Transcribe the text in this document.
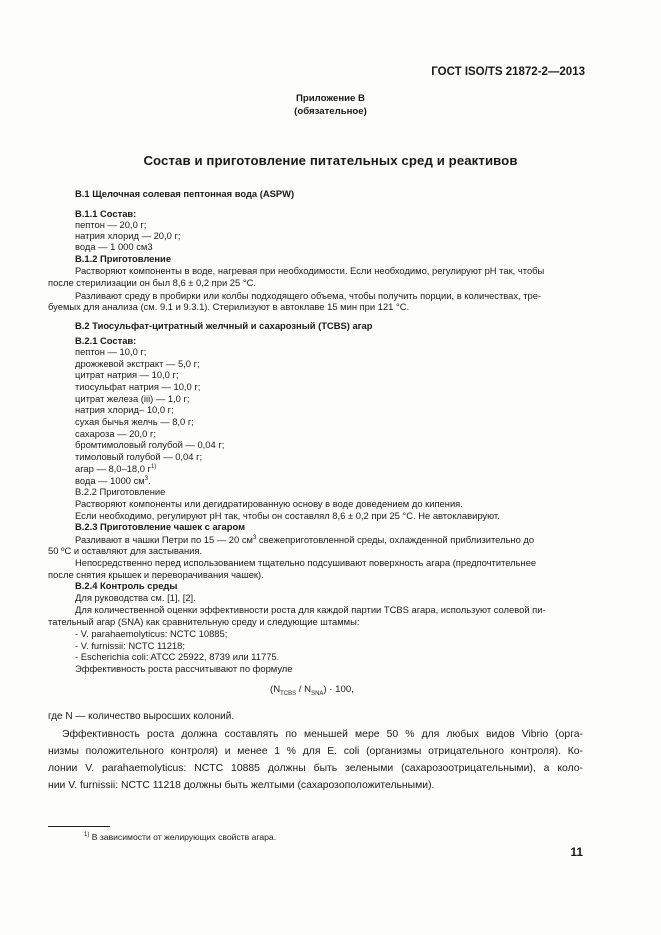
ГОСТ ISO/TS 21872-2—2013
Приложение В
(обязательное)
Состав и приготовление питательных сред и реактивов
В.1 Щелочная солевая пептонная вода (ASPW)
В.1.1 Состав:
пептон — 20,0 г;
натрия хлорид — 20,0 г;
вода — 1 000 см3
В.1.2 Приготовление
Растворяют компоненты в воде, нагревая при необходимости. Если необходимо, регулируют pH так, чтобы
после стерилизации он был 8,6 ± 0,2 при 25 °С.
Разливают среду в пробирки или колбы подходящего объема, чтобы получить порции, в количествах, тре-
буемых для анализа (см. 9.1 и 9.3.1). Стерилизуют в автоклаве 15 мин при 121 °С.
В.2 Тиосульфат-цитратный желчный и сахарозный (TCBS) агар
В.2.1 Состав:
пептон — 10,0 г;
дрожжевой экстракт — 5,0 г;
цитрат натрия — 10,0 г;
тиосульфат натрия — 10,0 г;
цитрат железа (iii) — 1,0 г;
натрия хлорид– 10,0 г;
сухая бычья желчь — 8,0 г;
сахароза — 20,0 г;
бромтимоловый голубой — 0,04 г;
тимоловый голубой — 0,04 г;
агар — 8,0–18,0 $г^{1)}$
вода — 1000 $см^3$.
В.2.2 Приготовление
Растворяют компоненты или дегидратированную основу в воде доведением до кипения.
Если необходимо, регулируют pH так, чтобы он составлял 8,6 ± 0,2 при 25 °С. Не автоклавируют.
В.2.3 Приготовление чашек с агаром
Разливают в чашки Петри по 15 — 20 $см^3$ свежеприготовленной среды, охлажденной приблизительно до
50 ºС и оставляют для застывания.
Непосредственно перед использованием тщательно подсушивают поверхность агара (предпочтительнее
после снятия крышек и переворачивания чашек).
В.2.4 Контроль среды
Для руководства см. [1], [2].
Для количественной оценки эффективности роста для каждой партии TCBS агара, используют солевой пи-
тательный агар (SNA) как сравнительную среду и следующие штаммы:
- V. parahaemolyticus: NCTC 10885;
- V. furnissii: NCTC 11218;
- Escherichia coli: ATCC 25922, 8739 или 11775.
Эффективность роста рассчитывают по формуле
$(N_{TCBS} / N_{SNA}) \cdot 100$,
где N — количество выросших колоний.
Эффективность роста должна составлять по меньшей мере 50 % для любых видов Vibrio (орга-
низмы положительного контроля) и менее 1 % для E. coli (организмы отрицательного контроля). Ко-
лонии V. parahaemolyticus: NCTC 10885 должны быть зелеными (сахарозоотрицательными), а коло-
нии V. furnissii: NCTC 11218 должны быть желтыми (сахарозоположительными).
$^{1)}$ В зависимости от желирующих свойств агара.
11
